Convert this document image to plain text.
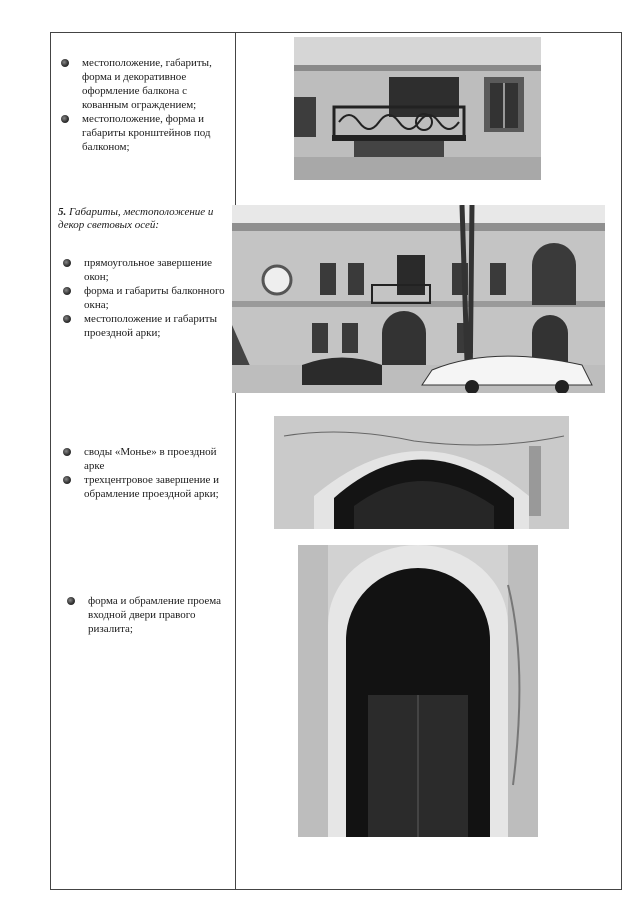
местоположение, габариты, форма и декоративное оформление балкона с кованным ограждением;
местоположение, форма и габариты кронштейнов под балконом;

5. Габариты, местоположение и декор световых осей:

прямоугольное завершение окон;
форма и габариты балконного окна;
местоположение и габариты проездной арки;
своды «Монье» в проездной арке
трехцентровое завершение и обрамление проездной арки;
форма и обрамление проема входной двери правого ризалита;
